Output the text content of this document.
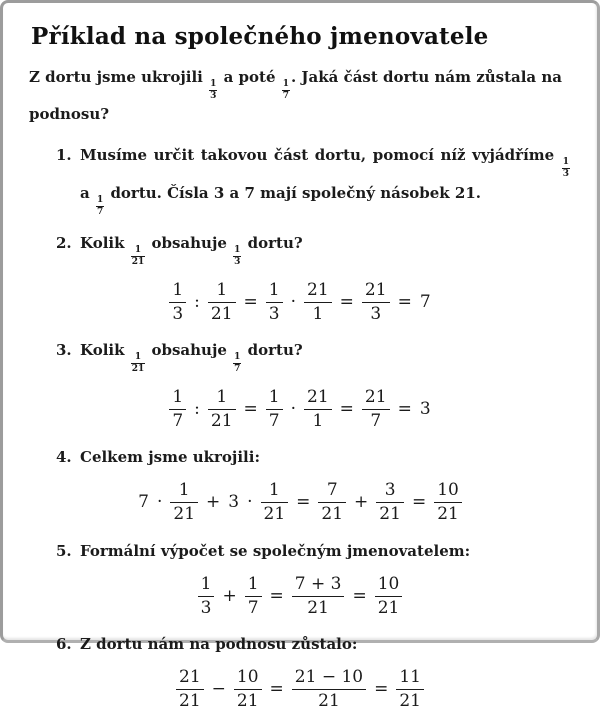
Příklad na společného jmenovatele

Z dortu jsme ukrojili
$\frac{1}{3}$
a poté
$\frac{1}{7}$
. Jaká část dortu nám zůstala na podnosu?

1. Musíme určit takovou část dortu, pomocí níž vyjádříme
$\frac{1}{3}$
a
$\frac{1}{7}$
dortu. Čísla 3 a 7 mají společný násobek 21.
2. Kolik
$\frac{1}{21}$
obsahuje
$\frac{1}{3}$
dortu?
$\frac{1}{3}$ : $\frac{1}{21} = \frac{1}{3} \cdot \frac{21}{1} = \frac{21}{3} = 7$
3. Kolik
$\frac{1}{21}$
obsahuje
$\frac{1}{7}$
dortu?
$\frac{1}{7}$ : $\frac{1}{21} = \frac{1}{7} \cdot \frac{21}{1} = \frac{21}{7} = 3$
4. Celkem jsme ukrojili:
$7 \cdot \frac{1}{21} + 3 \cdot \frac{1}{21} = \frac{7}{21} + \frac{3}{21} = \frac{10}{21}$
5. Formální výpočet se společným jmenovatelem:
$\frac{1}{3} + \frac{1}{7} = \frac{7 + 3}{21} = \frac{10}{21}$
6. Z dortu nám na podnosu zůstalo:
$\frac{21}{21} - \frac{10}{21} = \frac{21 - 10}{21} = \frac{11}{21}$
